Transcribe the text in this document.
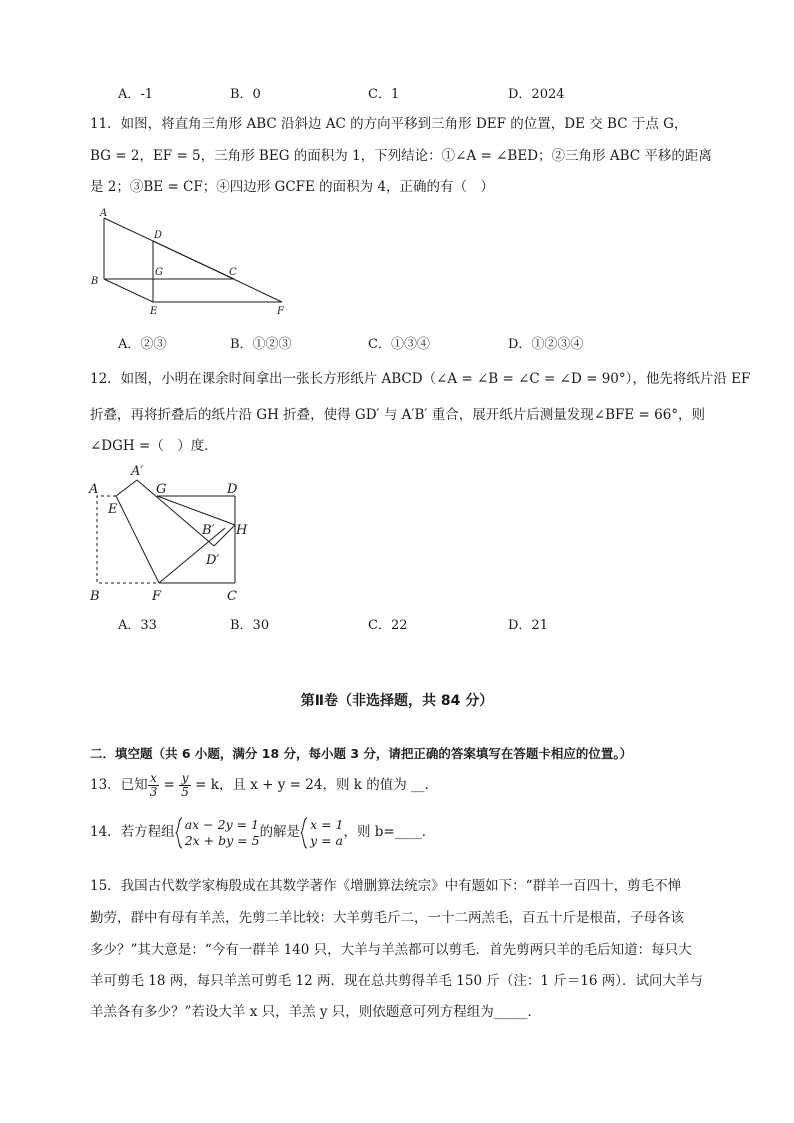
A．-1	B．0	C．1	D．2024
11．如图，将直角三角形 ABC 沿斜边 AC 的方向平移到三角形 DEF 的位置，DE 交 BC 于点 G，
BG = 2，EF = 5，三角形 BEG 的面积为 1，下列结论：①∠A = ∠BED；②三角形 ABC 平移的距离
是 2；③BE = CF；④四边形 GCFE 的面积为 4，正确的有（　）
A
B
C
D
E	F
G
A．②③	B．①②③	C．①③④	D．①②③④
12．如图，小明在课余时间拿出一张长方形纸片 ABCD（∠A = ∠B = ∠C = ∠D = 90°），他先将纸片沿 EF
折叠，再将折叠后的纸片沿 GH 折叠，使得 GD′ 与 A′B′ 重合，展开纸片后测量发现∠BFE = 66°，则
∠DGH =（　）度．
A
A′
G	D
E
B′ H
D′
B	F	C
A．33	B．30	C．22	D．21
第Ⅱ卷（非选择题，共 84 分）
二．填空题（共 6 小题，满分 18 分，每小题 3 分，请把正确的答案填写在答题卡相应的位置。）
13．已知 $\frac{x}{3} = \frac{y}{5} = k$，且 x + y = 24，则 k 的值为 __.
14．若方程组 ax − 2y = 1
2x + by = 5 的解是 x = 1
y = a ，则 b=____．
15．我国古代数学家梅殷成在其数学著作《增删算法统宗》中有题如下：“群羊一百四十，剪毛不惮
勤劳，群中有母有羊羔，先剪二羊比较：大羊剪毛斤二，一十二两羔毛，百五十斤是根苗，子母各该
多少？”其大意是：“今有一群羊 140 只，大羊与羊羔都可以剪毛．首先剪两只羊的毛后知道：每只大
羊可剪毛 18 两，每只羊羔可剪毛 12 两．现在总共剪得羊毛 150 斤（注：1 斤＝16 两）．试问大羊与
羊羔各有多少？”若设大羊 x 只，羊羔 y 只，则依题意可列方程组为_____．
